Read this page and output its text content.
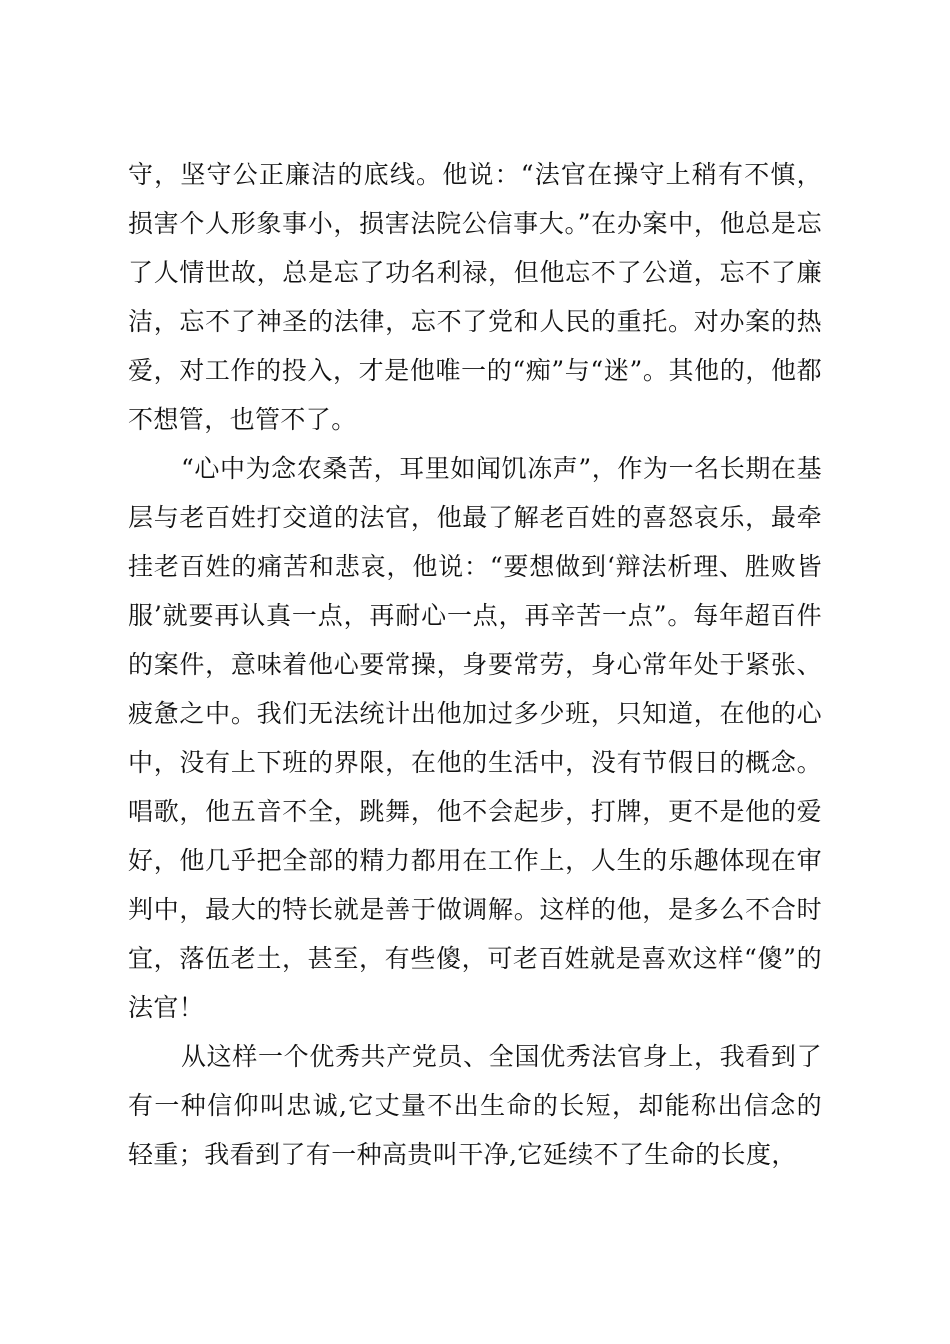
守，坚守公正廉洁的底线。他说：“法官在操守上稍有不慎，损害个人形象事小，损害法院公信事大。”在办案中，他总是忘了人情世故，总是忘了功名利禄，但他忘不了公道，忘不了廉洁，忘不了神圣的法律，忘不了党和人民的重托。对办案的热爱，对工作的投入，才是他唯一的“痴”与“迷”。其他的，他都不想管，也管不了。

“心中为念农桑苦，耳里如闻饥冻声”，作为一名长期在基层与老百姓打交道的法官，他最了解老百姓的喜怒哀乐，最牵挂老百姓的痛苦和悲哀，他说：“要想做到‘辩法析理、胜败皆服’就要再认真一点，再耐心一点，再辛苦一点”。每年超百件的案件，意味着他心要常操，身要常劳，身心常年处于紧张、疲惫之中。我们无法统计出他加过多少班，只知道，在他的心中，没有上下班的界限，在他的生活中，没有节假日的概念。唱歌，他五音不全，跳舞，他不会起步，打牌，更不是他的爱好，他几乎把全部的精力都用在工作上，人生的乐趣体现在审判中，最大的特长就是善于做调解。这样的他，是多么不合时宜，落伍老土，甚至，有些傻，可老百姓就是喜欢这样“傻”的法官！

从这样一个优秀共产党员、全国优秀法官身上，我看到了有一种信仰叫忠诚,它丈量不出生命的长短，却能称出信念的轻重；我看到了有一种高贵叫干净,它延续不了生命的长度，
